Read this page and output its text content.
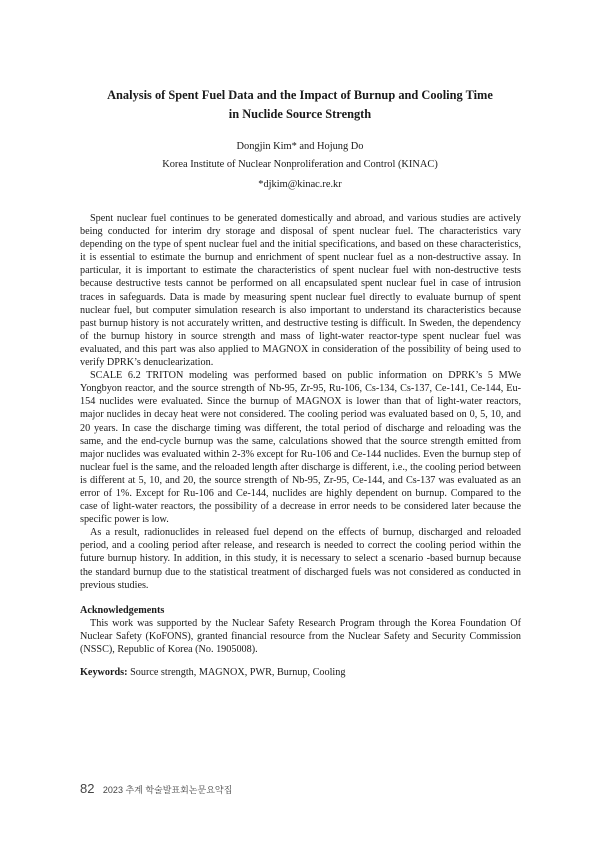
Analysis of Spent Fuel Data and the Impact of Burnup and Cooling Time
in Nuclide Source Strength
Dongjin Kim* and Hojung Do
Korea Institute of Nuclear Nonproliferation and Control (KINAC)
*djkim@kinac.re.kr

Spent nuclear fuel continues to be generated domestically and abroad, and various studies are actively being conducted for interim dry storage and disposal of spent nuclear fuel. The characteristics vary depending on the type of spent nuclear fuel and the initial specifications, and based on these characteristics, it is essential to estimate the burnup and enrichment of spent nuclear fuel as a non-destructive assay. In particular, it is important to estimate the characteristics of spent nuclear fuel with non-destructive tests because destructive tests cannot be performed on all encapsulated spent nuclear fuel in case of intrusion traces in safeguards. Data is made by measuring spent nuclear fuel directly to evaluate burnup of spent nuclear fuel, but computer simulation research is also important to understand its characteristics because past burnup history is not accurately written, and destructive testing is difficult. In Sweden, the dependency of the burnup history in source strength and mass of light-water reactor-type spent nuclear fuel was evaluated, and this part was also applied to MAGNOX in consideration of the possibility of being used to verify DPRK’s denuclearization.

SCALE 6.2 TRITON modeling was performed based on public information on DPRK’s 5 MWe Yongbyon reactor, and the source strength of Nb-95, Zr-95, Ru-106, Cs-134, Cs-137, Ce-141, Ce-144, Eu-154 nuclides were evaluated. Since the burnup of MAGNOX is lower than that of light-water reactors, major nuclides in decay heat were not considered. The cooling period was evaluated based on 0, 5, 10, and 20 years. In case the discharge timing was different, the total period of discharge and reloading was the same, and the end-cycle burnup was the same, calculations showed that the source strength emitted from major nuclides was evaluated within 2-3% except for Ru-106 and Ce-144 nuclides. Even the burnup step of nuclear fuel is the same, and the reloaded length after discharge is different, i.e., the cooling period between is different at 5, 10, and 20, the source strength of Nb-95, Zr-95, Ce-144, and Cs-137 was evaluated as an error of 1%. Except for Ru-106 and Ce-144, nuclides are highly dependent on burnup. Compared to the case of light-water reactors, the possibility of a decrease in error needs to be considered later because the specific power is low.

As a result, radionuclides in released fuel depend on the effects of burnup, discharged and reloaded period, and a cooling period after release, and research is needed to correct the cooling period within the future burnup history. In addition, in this study, it is necessary to select a scenario -based burnup because the standard burnup due to the statistical treatment of discharged fuels was not considered as conducted in previous studies.

Acknowledgements

This work was supported by the Nuclear Safety Research Program through the Korea Foundation Of Nuclear Safety (KoFONS), granted financial resource from the Nuclear Safety and Security Commission (NSSC), Republic of Korea (No. 1905008).

Keywords: Source strength, MAGNOX, PWR, Burnup, Cooling
82 2023 추계 학술발표회논문요약집
